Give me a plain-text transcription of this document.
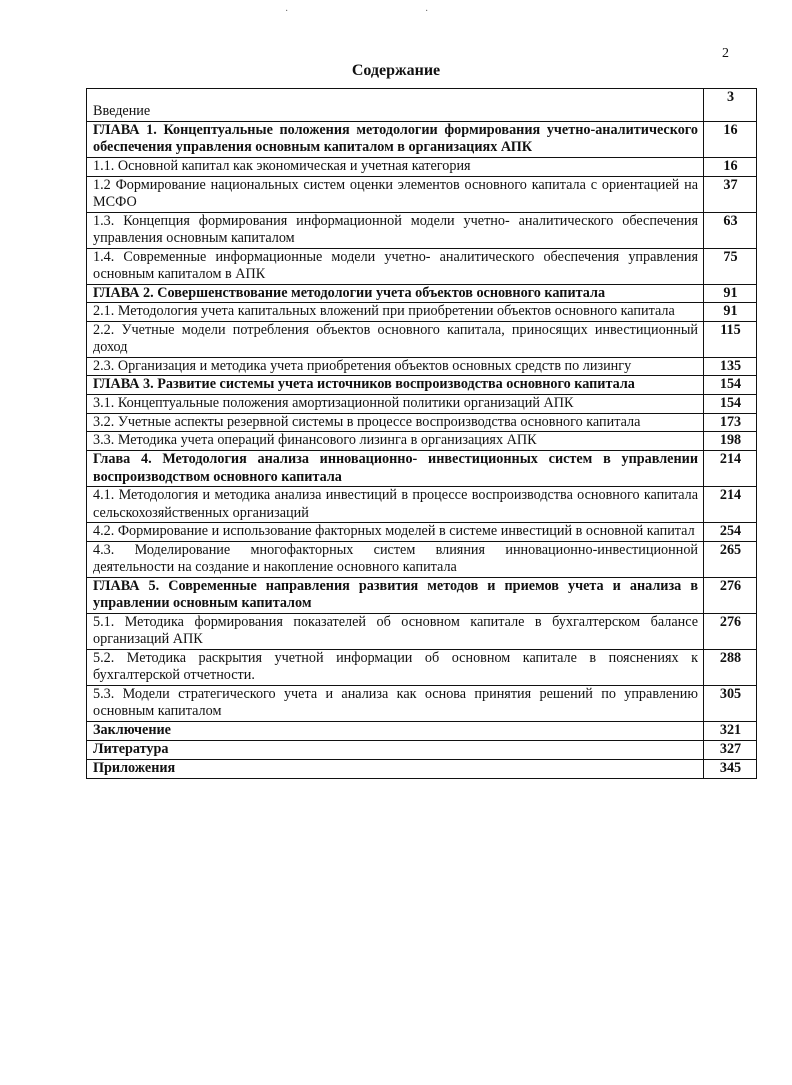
2
Содержание
Введение	3
ГЛАВА 1. Концептуальные положения методологии формирования учетно-аналитического обеспечения управления основным капиталом в организациях АПК	16
1.1. Основной капитал как экономическая и учетная категория	16
1.2 Формирование национальных систем оценки элементов основного капитала с ориентацией на МСФО	37
1.3. Концепция формирования информационной модели учетно- аналитического обеспечения управления основным капиталом	63
1.4. Современные информационные модели учетно- аналитического обеспечения управления основным капиталом в АПК	75
ГЛАВА 2. Совершенствование методологии учета объектов основного капитала	91
2.1. Методология учета капитальных вложений при приобретении объектов основного капитала	91
2.2. Учетные модели потребления объектов основного капитала, приносящих инвестиционный доход	115
2.3. Организация и методика учета приобретения объектов основных средств по лизингу	135
ГЛАВА 3. Развитие системы учета источников воспроизводства основного капитала	154
3.1. Концептуальные положения амортизационной политики организаций АПК	154
3.2. Учетные аспекты резервной системы в процессе воспроизводства основного капитала	173
3.3. Методика учета операций финансового лизинга в организациях АПК	198
Глава 4. Методология анализа инновационно- инвестиционных систем в управлении воспроизводством основного капитала	214
4.1. Методология и методика анализа инвестиций в процессе воспроизводства основного капитала сельскохозяйственных организаций	214
4.2. Формирование и использование факторных моделей в системе инвестиций в основной капитал	254
4.3. Моделирование многофакторных систем влияния инновационно-инвестиционной деятельности на создание и накопление основного капитала	265
ГЛАВА 5. Современные направления развития методов и приемов учета и анализа в управлении основным капиталом	276
5.1. Методика формирования показателей об основном капитале в бухгалтерском балансе организаций АПК	276
5.2. Методика раскрытия учетной информации об основном капитале в пояснениях к бухгалтерской отчетности.	288
5.3. Модели стратегического учета и анализа как основа принятия решений по управлению основным капиталом	305
Заключение	321
Литература	327
Приложения	345
·	·
